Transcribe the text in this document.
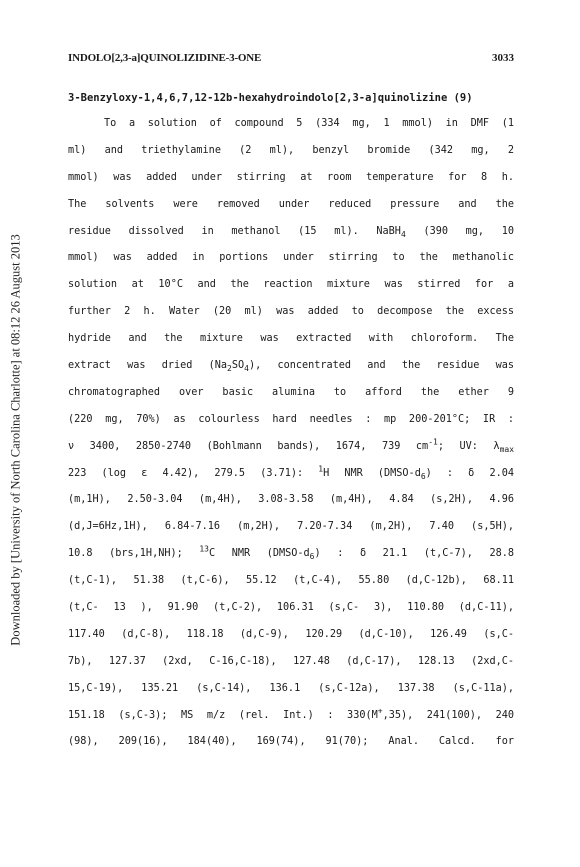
Downloaded by [University of North Carolina Charlotte] at 08:12 26 August 2013
INDOLO[2,3-a]QUINOLIZIDINE-3-ONE	3033
3-Benzyloxy-1,4,6,7,12-12b-hexahydroindolo[2,3-a]quinolizine (9)
To a solution of compound 5 (334 mg, 1 mmol) in DMF (1
ml) and triethylamine (2 ml), benzyl bromide (342 mg, 2
mmol) was added under stirring at room temperature for 8 h.
The solvents were removed under reduced pressure and the
residue dissolved in methanol (15 ml). NaBH$_4$ (390 mg, 10
mmol) was added in portions under stirring to the methanolic
solution at 10°C and the reaction mixture was stirred for a
further 2 h. Water (20 ml) was added to decompose the excess
hydride and the mixture was extracted with chloroform. The
extract was dried $(Na_2SO_4)$, concentrated and the residue was
chromatographed over basic alumina to afford the ether 9
(220 mg, 70%) as colourless hard needles : mp 200-201°C; IR :
ν 3400, 2850-2740 (Bohlmann bands), 1674, 739 $cm^{-1}$; UV: $\lambda_{max}$
223 (log ε 4.42), 279.5 (3.71): $^1$H NMR $(DMSO-d_6)$ : δ 2.04
(m,1H), 2.50-3.04 (m,4H), 3.08-3.58 (m,4H), 4.84 (s,2H), 4.96
(d,J=6Hz,1H), 6.84-7.16 (m,2H), 7.20-7.34 (m,2H), 7.40 (s,5H),
10.8 (brs,1H,NH); $^{13}$C NMR $(DMSO-d_6)$ : δ 21.1 (t,C-7), 28.8
(t,C-1), 51.38 (t,C-6), 55.12 (t,C-4), 55.80 (d,C-12b), 68.11
(t,C- 13 ), 91.90 (t,C-2), 106.31 (s,C- 3), 110.80 (d,C-11),
117.40 (d,C-8), 118.18 (d,C-9), 120.29 (d,C-10), 126.49 (s,C-
7b), 127.37 (2xd, C-16,C-18), 127.48 (d,C-17), 128.13 (2xd,C-
15,C-19), 135.21 (s,C-14), 136.1 (s,C-12a), 137.38 (s,C-11a),
151.18 (s,C-3); MS m/z (rel. Int.) : 330(M+,35), 241(100), 240
(98), 209(16), 184(40), 169(74), 91(70); Anal. Calcd. for
